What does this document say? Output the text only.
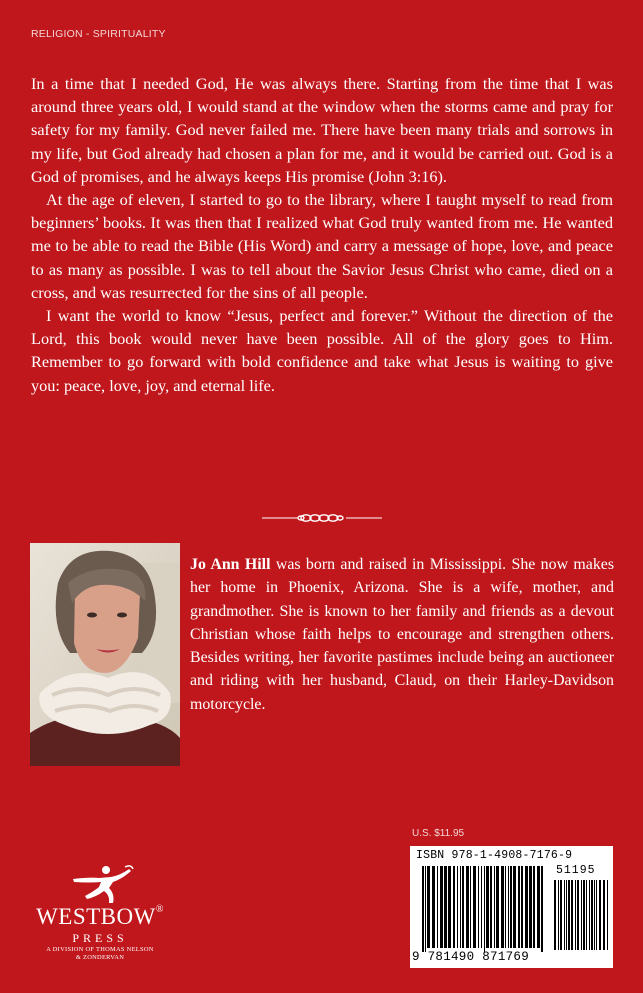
RELIGION - SPIRITUALITY

In a time that I needed God, He was always there. Starting from the time that I was around three years old, I would stand at the window when the storms came and pray for safety for my family. God never failed me. There have been many trials and sorrows in my life, but God already had chosen a plan for me, and it would be carried out. God is a God of promises, and he always keeps His promise (John 3:16).

At the age of eleven, I started to go to the library, where I taught myself to read from beginners’ books. It was then that I realized what God truly wanted from me. He wanted me to be able to read the Bible (His Word) and carry a message of hope, love, and peace to as many as possible. I was to tell about the Savior Jesus Christ who came, died on a cross, and was resurrected for the sins of all people.

I want the world to know “Jesus, perfect and forever.” Without the direction of the Lord, this book would never have been possible. All of the glory goes to Him. Remember to go forward with bold confidence and take what Jesus is waiting to give you: peace, love, joy, and eternal life.

Jo Ann Hill was born and raised in Mississippi. She now makes her home in Phoenix, Arizona. She is a wife, mother, and grandmother. She is known to her family and friends as a devout Christian whose faith helps to encourage and strengthen others. Besides writing, her favorite pastimes include being an auctioneer and riding with her husband, Claud, on their Harley-Davidson motorcycle.
WESTBOW®
PRESS
A DIVISION OF THOMAS NELSON
& ZONDERVAN
U.S. $11.95
ISBN 978-1-4908-7176-9
51195
9 781490 871769
